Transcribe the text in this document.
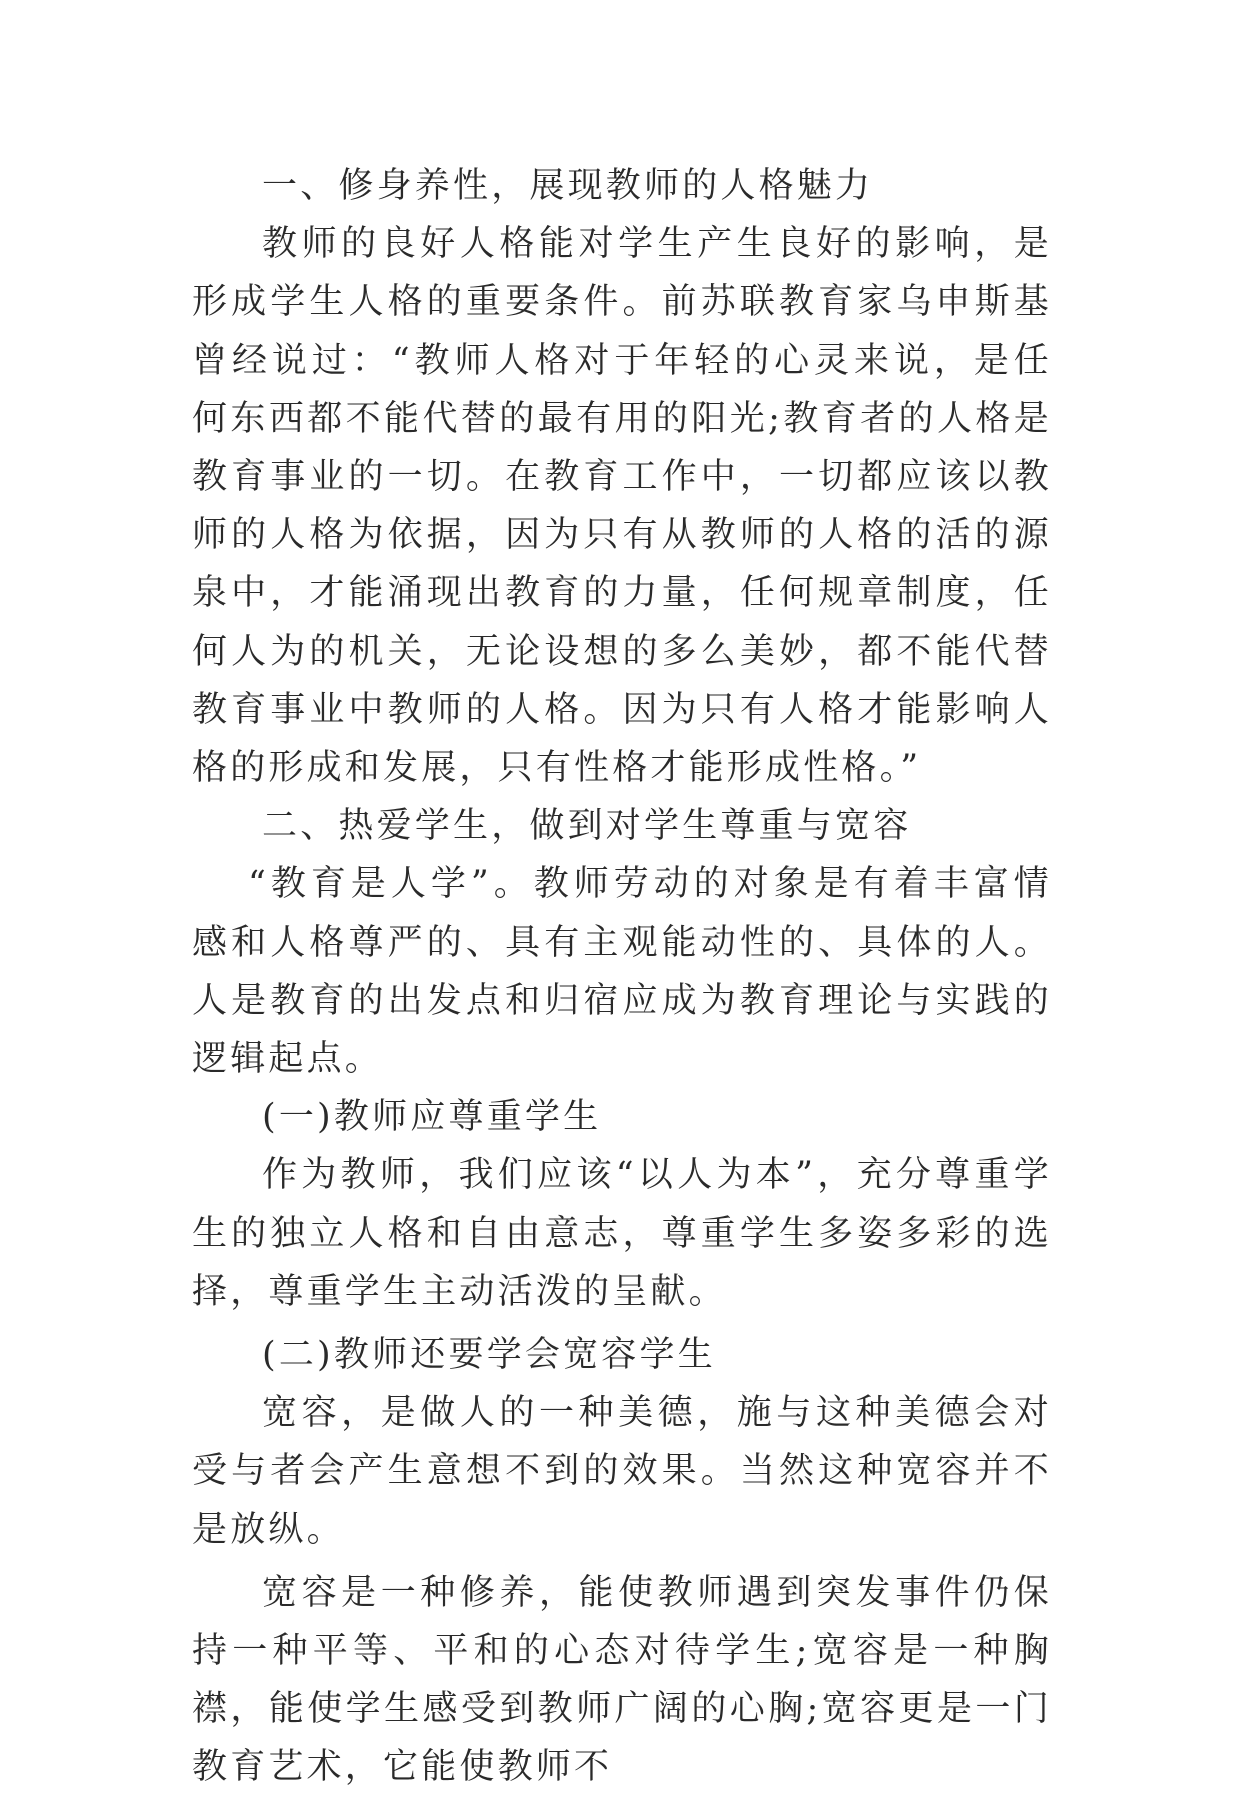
一、修身养性，展现教师的人格魅力

教师的良好人格能对学生产生良好的影响，是形成学生人格的重要条件。前苏联教育家乌申斯基曾经说过：“教师人格对于年轻的心灵来说，是任何东西都不能代替的最有用的阳光;教育者的人格是教育事业的一切。在教育工作中，一切都应该以教师的人格为依据，因为只有从教师的人格的活的源泉中，才能涌现出教育的力量，任何规章制度，任何人为的机关，无论设想的多么美妙，都不能代替教育事业中教师的人格。因为只有人格才能影响人格的形成和发展，只有性格才能形成性格。”

二、热爱学生，做到对学生尊重与宽容

“教育是人学”。教师劳动的对象是有着丰富情感和人格尊严的、具有主观能动性的、具体的人。人是教育的出发点和归宿应成为教育理论与实践的逻辑起点。

(一)教师应尊重学生

作为教师，我们应该“以人为本”，充分尊重学生的独立人格和自由意志，尊重学生多姿多彩的选择，尊重学生主动活泼的呈献。

(二)教师还要学会宽容学生

宽容，是做人的一种美德，施与这种美德会对受与者会产生意想不到的效果。当然这种宽容并不是放纵。

宽容是一种修养，能使教师遇到突发事件仍保持一种平等、平和的心态对待学生;宽容是一种胸襟，能使学生感受到教师广阔的心胸;宽容更是一门教育艺术，它能使教师不
